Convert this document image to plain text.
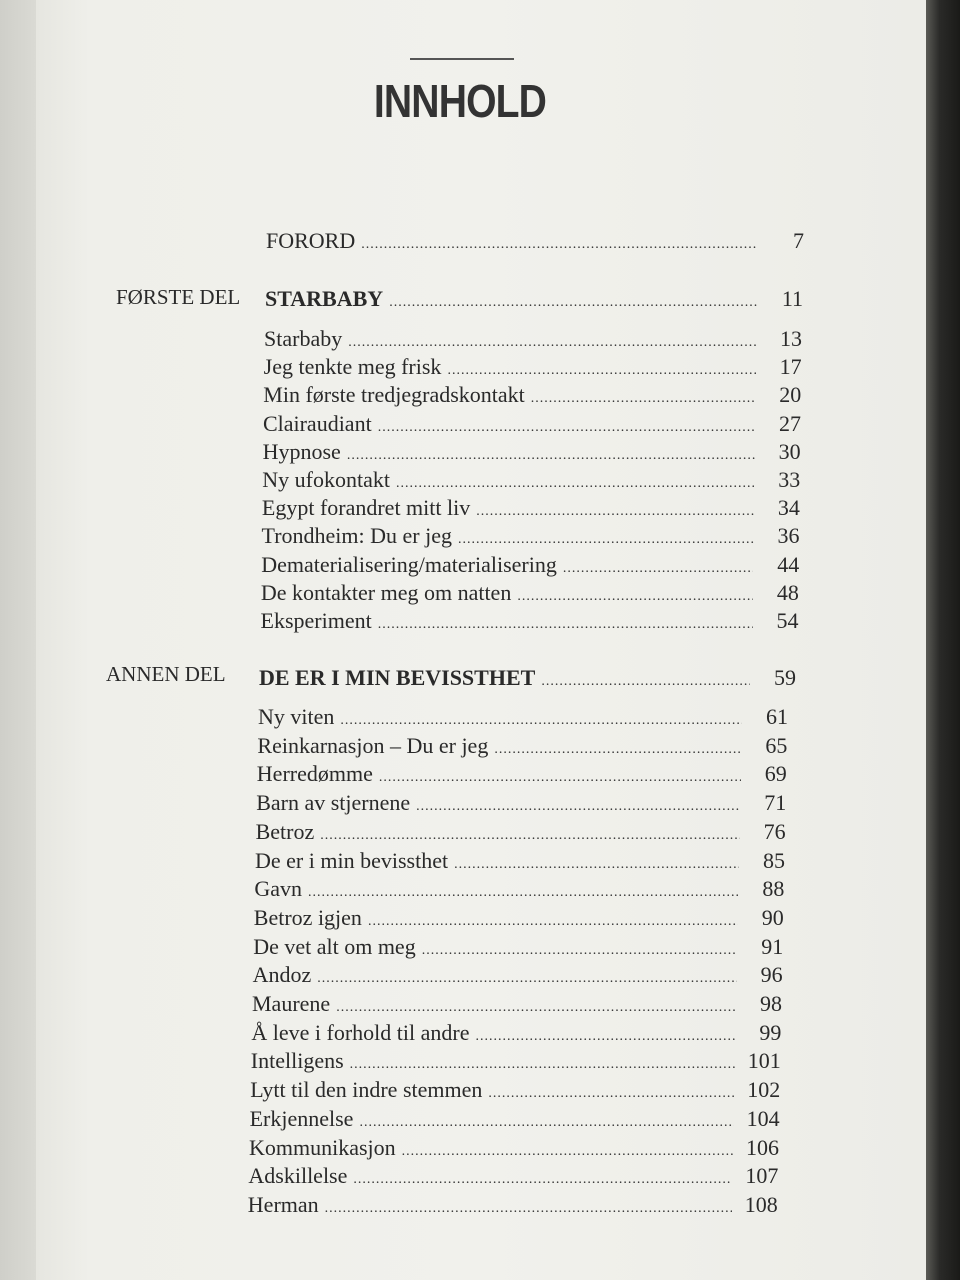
INNHOLD
FORORD .....	7
FØRSTE DEL STARBABY .....	11
Starbaby .....	13
Jeg tenkte meg frisk .....	17
Min første tredjegradskontakt .....	20
Clairaudiant .....	27
Hypnose .....	30
Ny ufokontakt .....	33
Egypt forandret mitt liv .....	34
Trondheim: Du er jeg .....	36
Dematerialisering/materialisering .....	44
De kontakter meg om natten .....	48
Eksperiment .....	54
ANNEN DEL DE ER I MIN BEVISSTHET .....	59
Ny viten .....	61
Reinkarnasjon – Du er jeg .....	65
Herredømme .....	69
Barn av stjernene .....	71
Betroz .....	76
De er i min bevissthet .....	85
Gavn .....	88
Betroz igjen .....	90
De vet alt om meg .....	91
Andoz .....	96
Maurene .....	98
Å leve i forhold til andre .....	99
Intelligens .....	101
Lytt til den indre stemmen .....	102
Erkjennelse .....	104
Kommunikasjon .....	106
Adskillelse .....	107
Herman .....	108
